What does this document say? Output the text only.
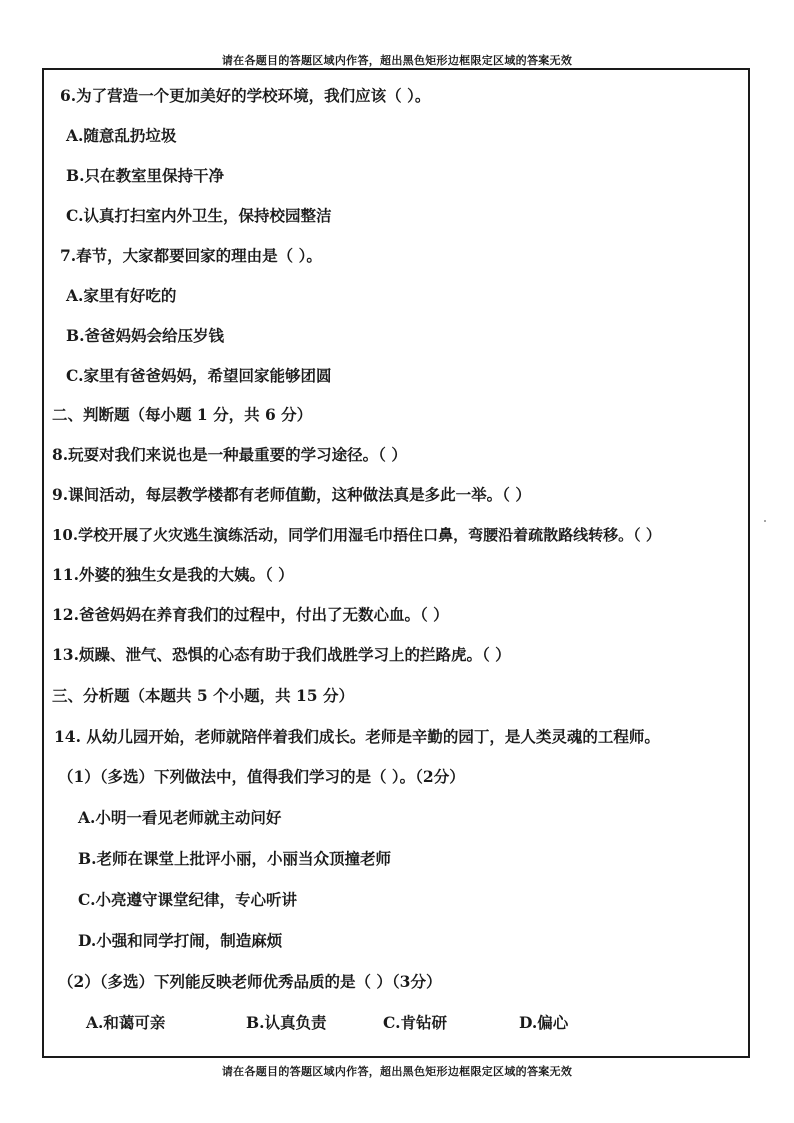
请在各题目的答题区域内作答，超出黑色矩形边框限定区域的答案无效
6.为了营造一个更加美好的学校环境，我们应该（ ）。
A.随意乱扔垃圾
B.只在教室里保持干净
C.认真打扫室内外卫生，保持校园整洁
7.春节，大家都要回家的理由是（ ）。
A.家里有好吃的
B.爸爸妈妈会给压岁钱
C.家里有爸爸妈妈，希望回家能够团圆
二、判断题（每小题 1 分，共 6 分）
8.玩耍对我们来说也是一种最重要的学习途径。（ ）
9.课间活动，每层教学楼都有老师值勤，这种做法真是多此一举。（ ）
10.学校开展了火灾逃生演练活动，同学们用湿毛巾捂住口鼻，弯腰沿着疏散路线转移。（ ）
11.外婆的独生女是我的大姨。（ ）
12.爸爸妈妈在养育我们的过程中，付出了无数心血。（ ）
13.烦躁、泄气、恐惧的心态有助于我们战胜学习上的拦路虎。（ ）
三、分析题（本题共 5 个小题，共 15 分）
14. 从幼儿园开始，老师就陪伴着我们成长。老师是辛勤的园丁，是人类灵魂的工程师。
（1）（多选）下列做法中，值得我们学习的是（ ）。（2分）
A.小明一看见老师就主动问好
B.老师在课堂上批评小丽，小丽当众顶撞老师
C.小亮遵守课堂纪律，专心听讲
D.小强和同学打闹，制造麻烦
（2）（多选）下列能反映老师优秀品质的是（ ）（3分）
A.和蔼可亲	B.认真负责	C.肯钻研	D.偏心
请在各题目的答题区域内作答，超出黑色矩形边框限定区域的答案无效
